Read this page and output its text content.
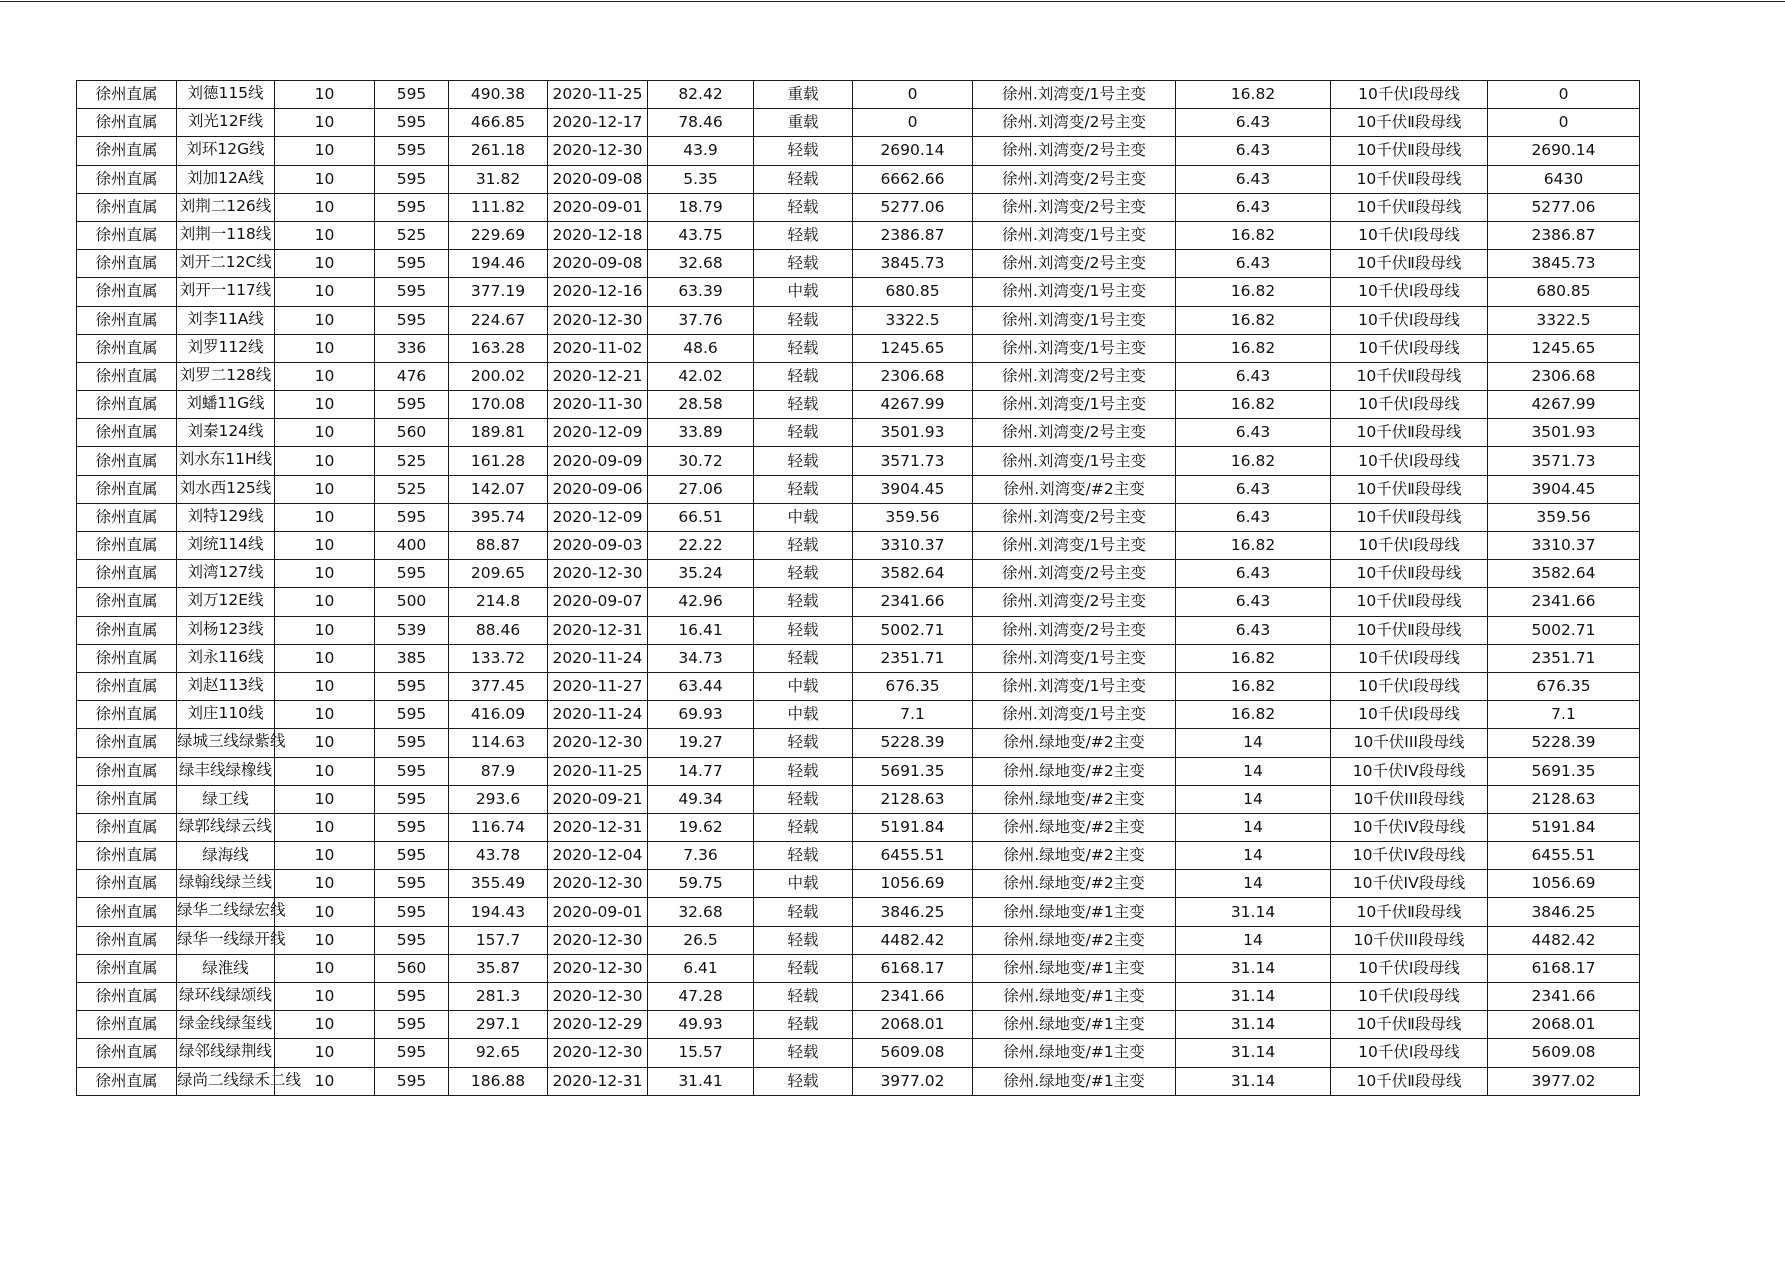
徐州直属	刘德115线	10	595	490.38	2020-11-25	82.42	重载	0	徐州.刘湾变/1号主变	16.82	10千伏Ⅰ段母线	0
徐州直属	刘光12F线	10	595	466.85	2020-12-17	78.46	重载	0	徐州.刘湾变/2号主变	6.43	10千伏Ⅱ段母线	0
徐州直属	刘环12G线	10	595	261.18	2020-12-30	43.9	轻载	2690.14	徐州.刘湾变/2号主变	6.43	10千伏Ⅱ段母线	2690.14
徐州直属	刘加12A线	10	595	31.82	2020-09-08	5.35	轻载	6662.66	徐州.刘湾变/2号主变	6.43	10千伏Ⅱ段母线	6430
徐州直属	刘荆二126线	10	595	111.82	2020-09-01	18.79	轻载	5277.06	徐州.刘湾变/2号主变	6.43	10千伏Ⅱ段母线	5277.06
徐州直属	刘荆一118线	10	525	229.69	2020-12-18	43.75	轻载	2386.87	徐州.刘湾变/1号主变	16.82	10千伏Ⅰ段母线	2386.87
徐州直属	刘开二12C线	10	595	194.46	2020-09-08	32.68	轻载	3845.73	徐州.刘湾变/2号主变	6.43	10千伏Ⅱ段母线	3845.73
徐州直属	刘开一117线	10	595	377.19	2020-12-16	63.39	中载	680.85	徐州.刘湾变/1号主变	16.82	10千伏Ⅰ段母线	680.85
徐州直属	刘李11A线	10	595	224.67	2020-12-30	37.76	轻载	3322.5	徐州.刘湾变/1号主变	16.82	10千伏Ⅰ段母线	3322.5
徐州直属	刘罗112线	10	336	163.28	2020-11-02	48.6	轻载	1245.65	徐州.刘湾变/1号主变	16.82	10千伏Ⅰ段母线	1245.65
徐州直属	刘罗二128线	10	476	200.02	2020-12-21	42.02	轻载	2306.68	徐州.刘湾变/2号主变	6.43	10千伏Ⅱ段母线	2306.68
徐州直属	刘蟠11G线	10	595	170.08	2020-11-30	28.58	轻载	4267.99	徐州.刘湾变/1号主变	16.82	10千伏Ⅰ段母线	4267.99
徐州直属	刘秦124线	10	560	189.81	2020-12-09	33.89	轻载	3501.93	徐州.刘湾变/2号主变	6.43	10千伏Ⅱ段母线	3501.93
徐州直属	刘水东11H线	10	525	161.28	2020-09-09	30.72	轻载	3571.73	徐州.刘湾变/1号主变	16.82	10千伏Ⅰ段母线	3571.73
徐州直属	刘水西125线	10	525	142.07	2020-09-06	27.06	轻载	3904.45	徐州.刘湾变/#2主变	6.43	10千伏Ⅱ段母线	3904.45
徐州直属	刘特129线	10	595	395.74	2020-12-09	66.51	中载	359.56	徐州.刘湾变/2号主变	6.43	10千伏Ⅱ段母线	359.56
徐州直属	刘统114线	10	400	88.87	2020-09-03	22.22	轻载	3310.37	徐州.刘湾变/1号主变	16.82	10千伏Ⅰ段母线	3310.37
徐州直属	刘湾127线	10	595	209.65	2020-12-30	35.24	轻载	3582.64	徐州.刘湾变/2号主变	6.43	10千伏Ⅱ段母线	3582.64
徐州直属	刘万12E线	10	500	214.8	2020-09-07	42.96	轻载	2341.66	徐州.刘湾变/2号主变	6.43	10千伏Ⅱ段母线	2341.66
徐州直属	刘杨123线	10	539	88.46	2020-12-31	16.41	轻载	5002.71	徐州.刘湾变/2号主变	6.43	10千伏Ⅱ段母线	5002.71
徐州直属	刘永116线	10	385	133.72	2020-11-24	34.73	轻载	2351.71	徐州.刘湾变/1号主变	16.82	10千伏Ⅰ段母线	2351.71
徐州直属	刘赵113线	10	595	377.45	2020-11-27	63.44	中载	676.35	徐州.刘湾变/1号主变	16.82	10千伏Ⅰ段母线	676.35
徐州直属	刘庄110线	10	595	416.09	2020-11-24	69.93	中载	7.1	徐州.刘湾变/1号主变	16.82	10千伏Ⅰ段母线	7.1
徐州直属	绿城三线绿紫线	10	595	114.63	2020-12-30	19.27	轻载	5228.39	徐州.绿地变/#2主变	14	10千伏III段母线	5228.39
徐州直属	绿丰线绿橡线	10	595	87.9	2020-11-25	14.77	轻载	5691.35	徐州.绿地变/#2主变	14	10千伏IV段母线	5691.35
徐州直属	绿工线	10	595	293.6	2020-09-21	49.34	轻载	2128.63	徐州.绿地变/#2主变	14	10千伏III段母线	2128.63
徐州直属	绿郭线绿云线	10	595	116.74	2020-12-31	19.62	轻载	5191.84	徐州.绿地变/#2主变	14	10千伏IV段母线	5191.84
徐州直属	绿海线	10	595	43.78	2020-12-04	7.36	轻载	6455.51	徐州.绿地变/#2主变	14	10千伏IV段母线	6455.51
徐州直属	绿翰线绿兰线	10	595	355.49	2020-12-30	59.75	中载	1056.69	徐州.绿地变/#2主变	14	10千伏IV段母线	1056.69
徐州直属	绿华二线绿宏线	10	595	194.43	2020-09-01	32.68	轻载	3846.25	徐州.绿地变/#1主变	31.14	10千伏Ⅱ段母线	3846.25
徐州直属	绿华一线绿开线	10	595	157.7	2020-12-30	26.5	轻载	4482.42	徐州.绿地变/#2主变	14	10千伏III段母线	4482.42
徐州直属	绿淮线	10	560	35.87	2020-12-30	6.41	轻载	6168.17	徐州.绿地变/#1主变	31.14	10千伏Ⅰ段母线	6168.17
徐州直属	绿环线绿颂线	10	595	281.3	2020-12-30	47.28	轻载	2341.66	徐州.绿地变/#1主变	31.14	10千伏Ⅰ段母线	2341.66
徐州直属	绿金线绿玺线	10	595	297.1	2020-12-29	49.93	轻载	2068.01	徐州.绿地变/#1主变	31.14	10千伏Ⅱ段母线	2068.01
徐州直属	绿邻线绿荆线	10	595	92.65	2020-12-30	15.57	轻载	5609.08	徐州.绿地变/#1主变	31.14	10千伏Ⅰ段母线	5609.08
徐州直属	绿尚二线绿禾二线	10	595	186.88	2020-12-31	31.41	轻载	3977.02	徐州.绿地变/#1主变	31.14	10千伏Ⅱ段母线	3977.02
